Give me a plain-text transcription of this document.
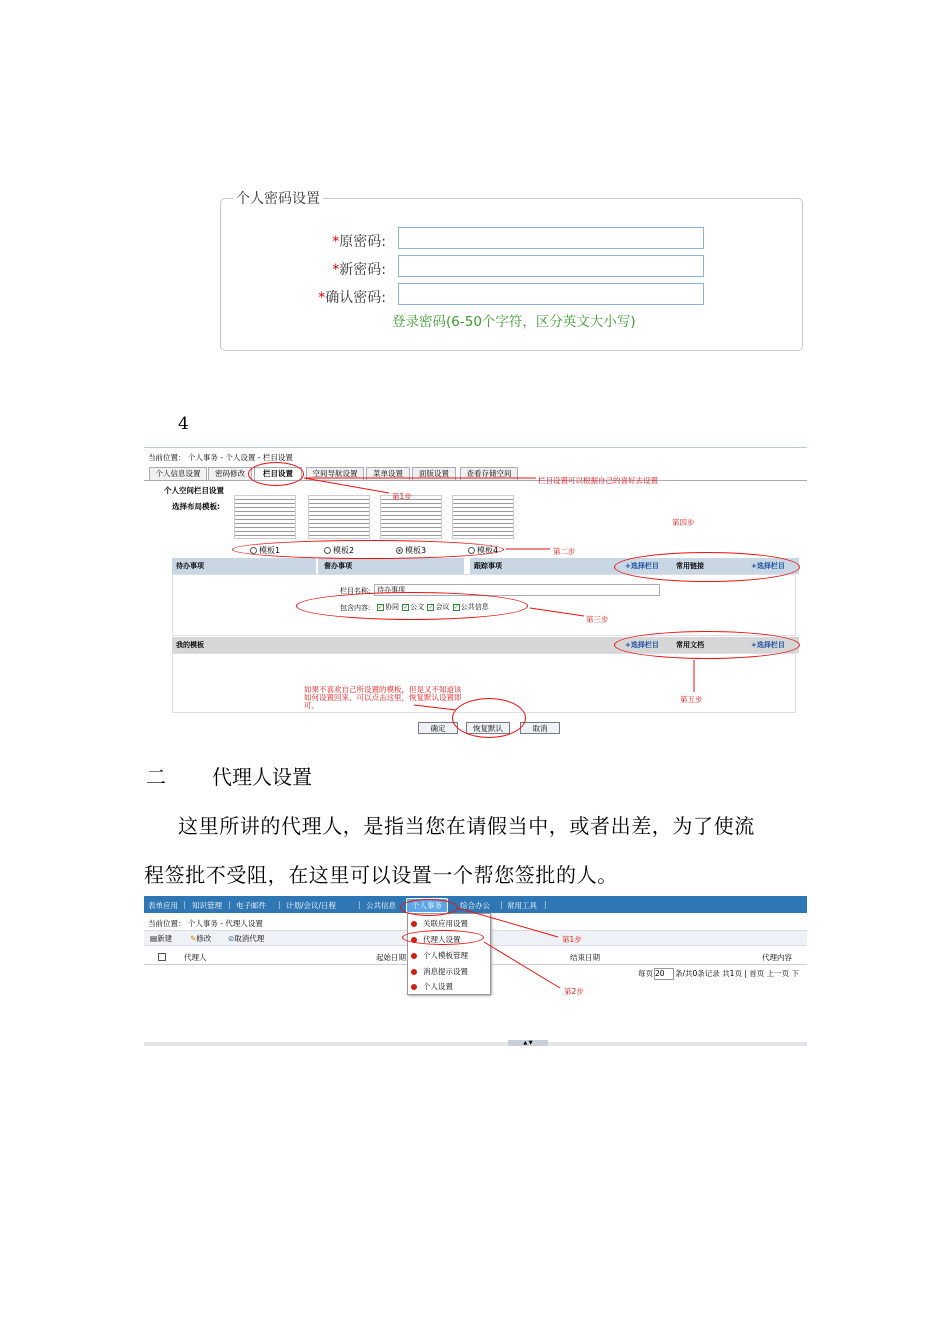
个人密码设置
*原密码:
*新密码:
*确认密码:
登录密码(6-50个字符，区分英文大小写)
4
当前位置： 个人事务 - 个人设置 - 栏目设置
个人信息设置	密码修改	栏目设置	空间导航设置	菜单设置	面版设置	查看存储空间
个人空间栏目设置
选择布局模板:
模板1	模板2	模板3	模板4
待办事项	督办事项	跟踪事项	+选择栏目	常用链接	+选择栏目
栏目名称: 待办事项
包含内容:	✓ 协同 ✓ 公文 ✓ 会议 ✓ 公共信息
我的模板	+选择栏目	常用文档	+选择栏目
确定	恢复默认	取消
第1步
栏目设置可以根据自己的喜好去设置
第二步
第四步
第三步
第五步
如果不喜欢自己所设置的模板，但是又不知道该如何设置回来，可以点击这里，恢复默认设置即可。
二 代理人设置
这里所讲的代理人，是指当您在请假当中，或者出差，为了使流
程签批不受阻，在这里可以设置一个帮您签批的人。
表单应用 | 知识管理 | 电子邮件 | 计划/会议/日程	| 公共信息	个人事务	综合办公 | 常用工具 |
当前位置： 个人事务 - 代理人设置
▤新建 ✎修改 ⊘取消代理
代理人	起始日期	结束日期	代理内容
每页 20 条/共0条记录 共1页 | 首页 上一页 下
关联应用设置
代理人设置
个人模板管理
消息提示设置
个人设置
第1步
第2步
▲ ▼
